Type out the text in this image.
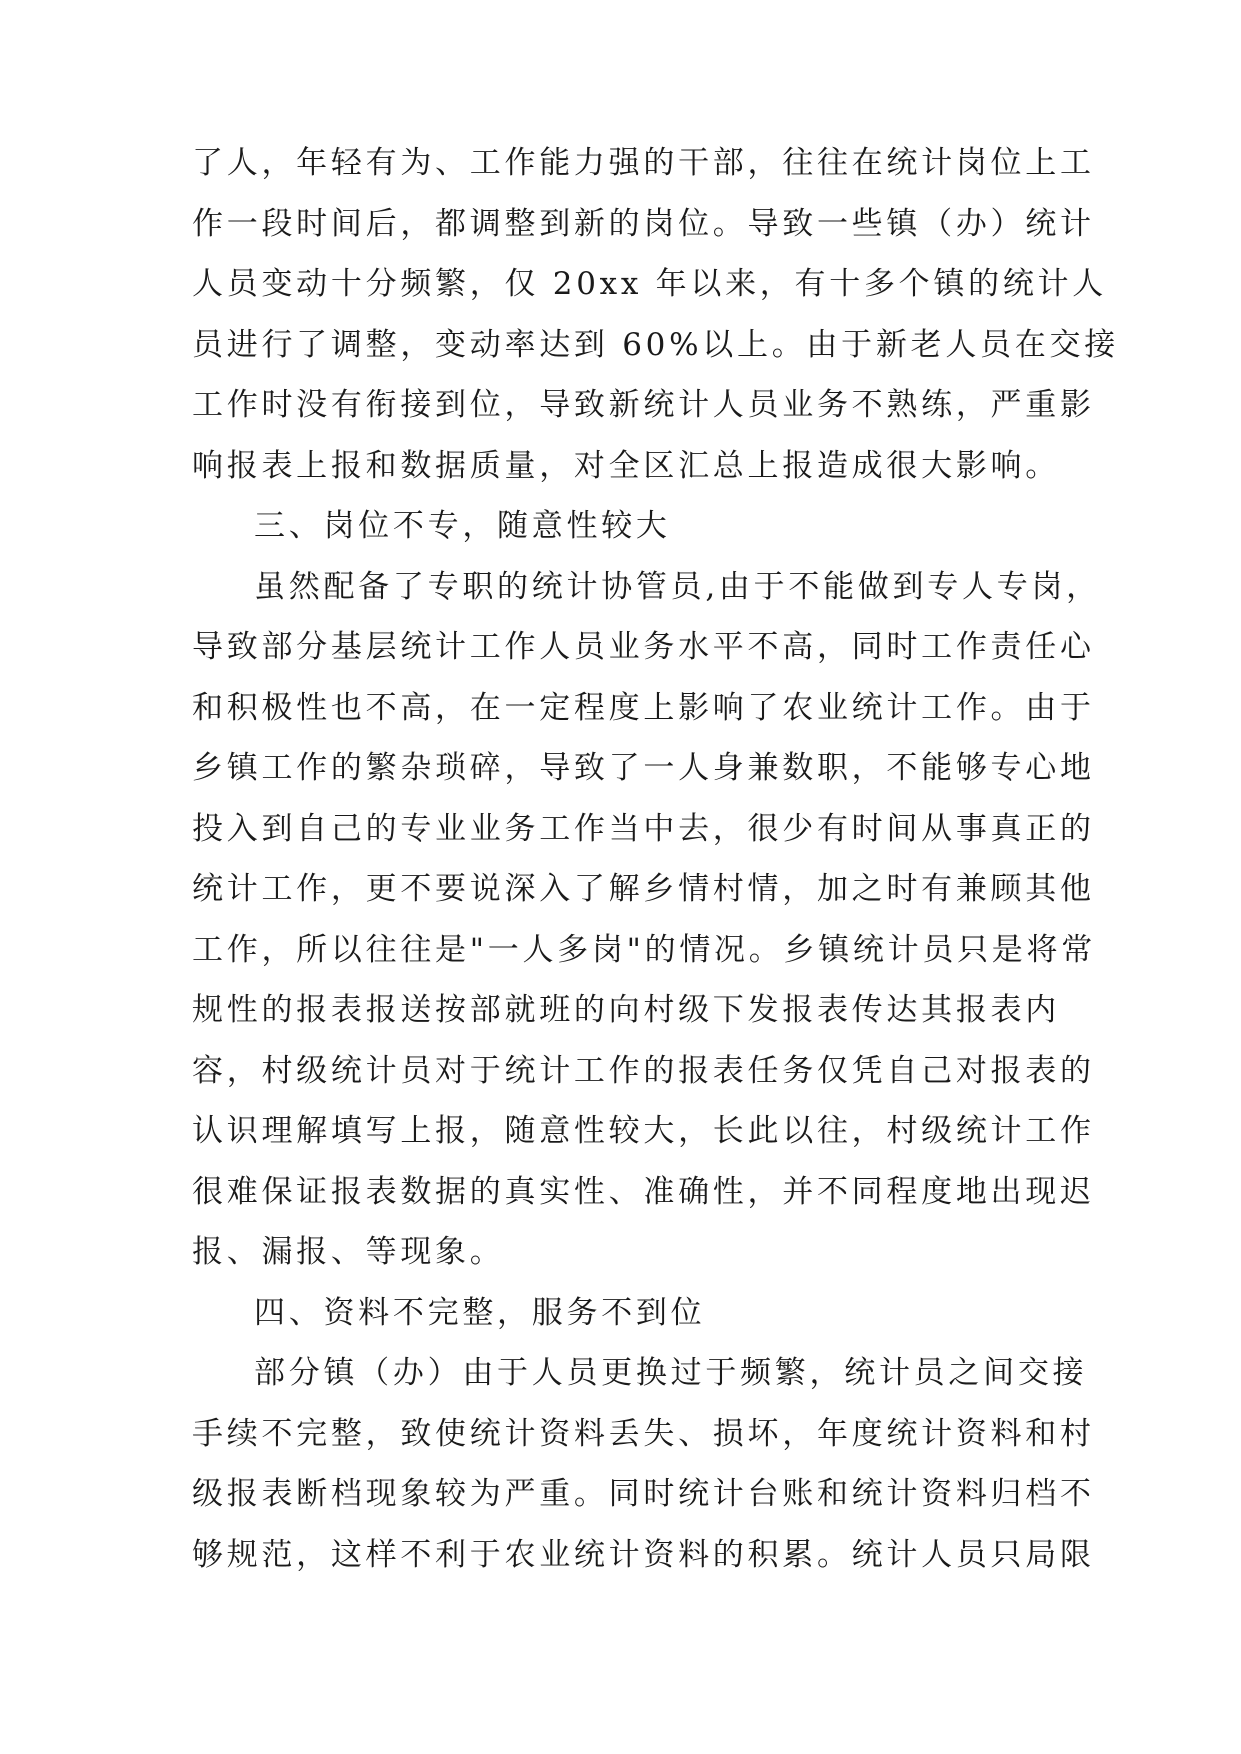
了人，年轻有为、工作能力强的干部，往往在统计岗位上工
作一段时间后，都调整到新的岗位。导致一些镇（办）统计
人员变动十分频繁，仅 20xx 年以来，有十多个镇的统计人
员进行了调整，变动率达到 60%以上。由于新老人员在交接
工作时没有衔接到位，导致新统计人员业务不熟练，严重影
响报表上报和数据质量，对全区汇总上报造成很大影响。
三、岗位不专，随意性较大
虽然配备了专职的统计协管员,由于不能做到专人专岗，
导致部分基层统计工作人员业务水平不高，同时工作责任心
和积极性也不高，在一定程度上影响了农业统计工作。由于
乡镇工作的繁杂琐碎，导致了一人身兼数职，不能够专心地
投入到自己的专业业务工作当中去，很少有时间从事真正的
统计工作，更不要说深入了解乡情村情，加之时有兼顾其他
工作，所以往往是"一人多岗"的情况。乡镇统计员只是将常
规性的报表报送按部就班的向村级下发报表传达其报表内
容，村级统计员对于统计工作的报表任务仅凭自己对报表的
认识理解填写上报，随意性较大，长此以往，村级统计工作
很难保证报表数据的真实性、准确性，并不同程度地出现迟
报、漏报、等现象。
四、资料不完整，服务不到位
部分镇（办）由于人员更换过于频繁，统计员之间交接
手续不完整，致使统计资料丢失、损坏，年度统计资料和村
级报表断档现象较为严重。同时统计台账和统计资料归档不
够规范，这样不利于农业统计资料的积累。统计人员只局限
